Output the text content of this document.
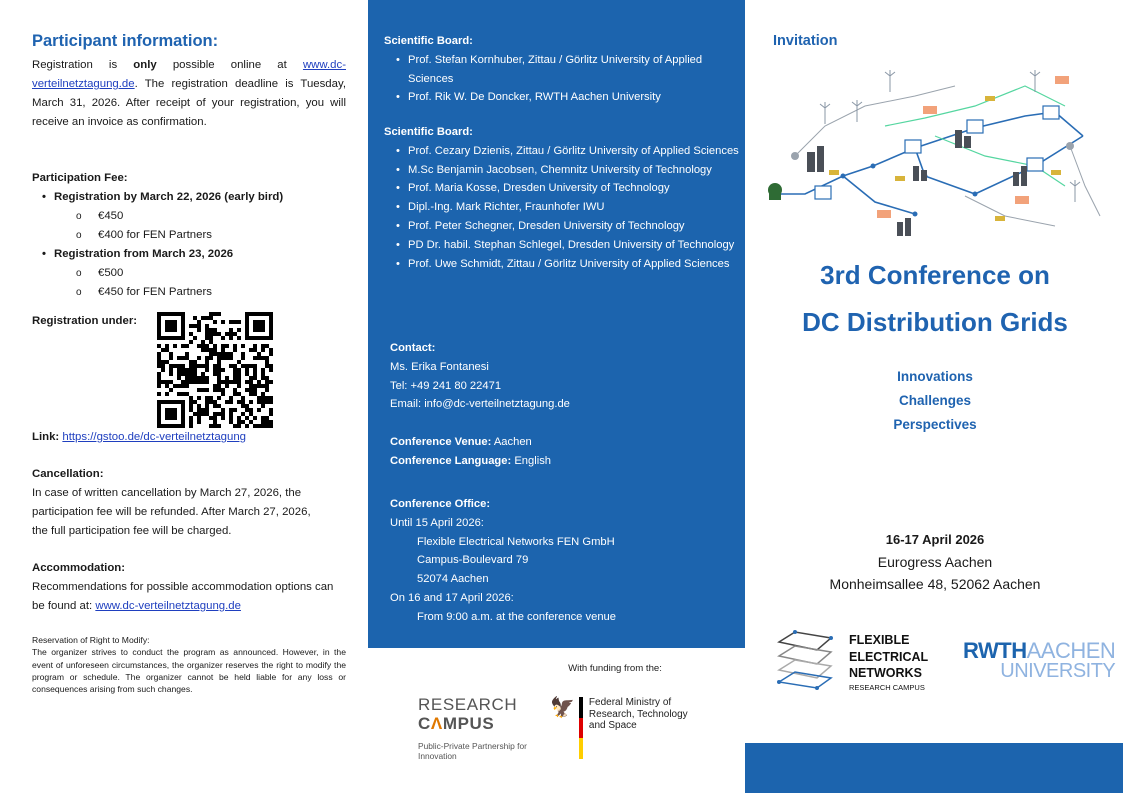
Participant information:

Registration is only possible online at www.dc-verteilnetztagung.de. The registration deadline is Tuesday, March 31, 2026. After receipt of your registration, you will receive an invoice as confirmation.

Participation Fee:

• Registration by March 22, 2026 (early bird)
o €450
o €400 for FEN Partners
• Registration from March 23, 2026
o €500
o €450 for FEN Partners

Registration under:

Link: https://gstoo.de/dc-verteilnetztagung

Cancellation:

In case of written cancellation by March 27, 2026, the participation fee will be refunded. After March 27, 2026, the full participation fee will be charged.

Accommodation:

Recommendations for possible accommodation options can be found at: www.dc-verteilnetztagung.de

Reservation of Right to Modify:
The organizer strives to conduct the program as announced. However, in the event of unforeseen circumstances, the organizer reserves the right to modify the program or schedule. The organizer cannot be held liable for any loss or consequences arising from such changes.

Scientific Board:

• Prof. Stefan Kornhuber, Zittau / Görlitz University of Applied Sciences
• Prof. Rik W. De Doncker, RWTH Aachen University

Scientific Board:

• Prof. Cezary Dzienis, Zittau / Görlitz University of Applied Sciences
• M.Sc Benjamin Jacobsen, Chemnitz University of Technology
• Prof. Maria Kosse, Dresden University of Technology
• Dipl.-Ing. Mark Richter, Fraunhofer IWU
• Prof. Peter Schegner, Dresden University of Technology
• PD Dr. habil. Stephan Schlegel, Dresden University of Technology
• Prof. Uwe Schmidt, Zittau / Görlitz University of Applied Sciences

Contact:

Ms. Erika Fontanesi
Tel: +49 241 80 22471
Email: info@dc-verteilnetztagung.de
Conference Venue: Aachen
Conference Language: English

Conference Office:

Until 15 April 2026:
Flexible Electrical Networks FEN GmbH
Campus-Boulevard 79
52074 Aachen
On 16 and 17 April 2026:
From 9:00 a.m. at the conference venue
With funding from the:
RESEARCH
CΛMPUS
Public-Private Partnership for Innovation
🦅 Federal Ministry of Research, Technology and Space
Invitation
3rd Conference on
DC Distribution Grids
Innovations
Challenges
Perspectives
16-17 April 2026
Eurogress Aachen
Monheimsallee 48, 52062 Aachen
FLEXIBLE
ELECTRICAL
NETWORKS
RESEARCH CAMPUS
RWTHAACHEN
UNIVERSITY
